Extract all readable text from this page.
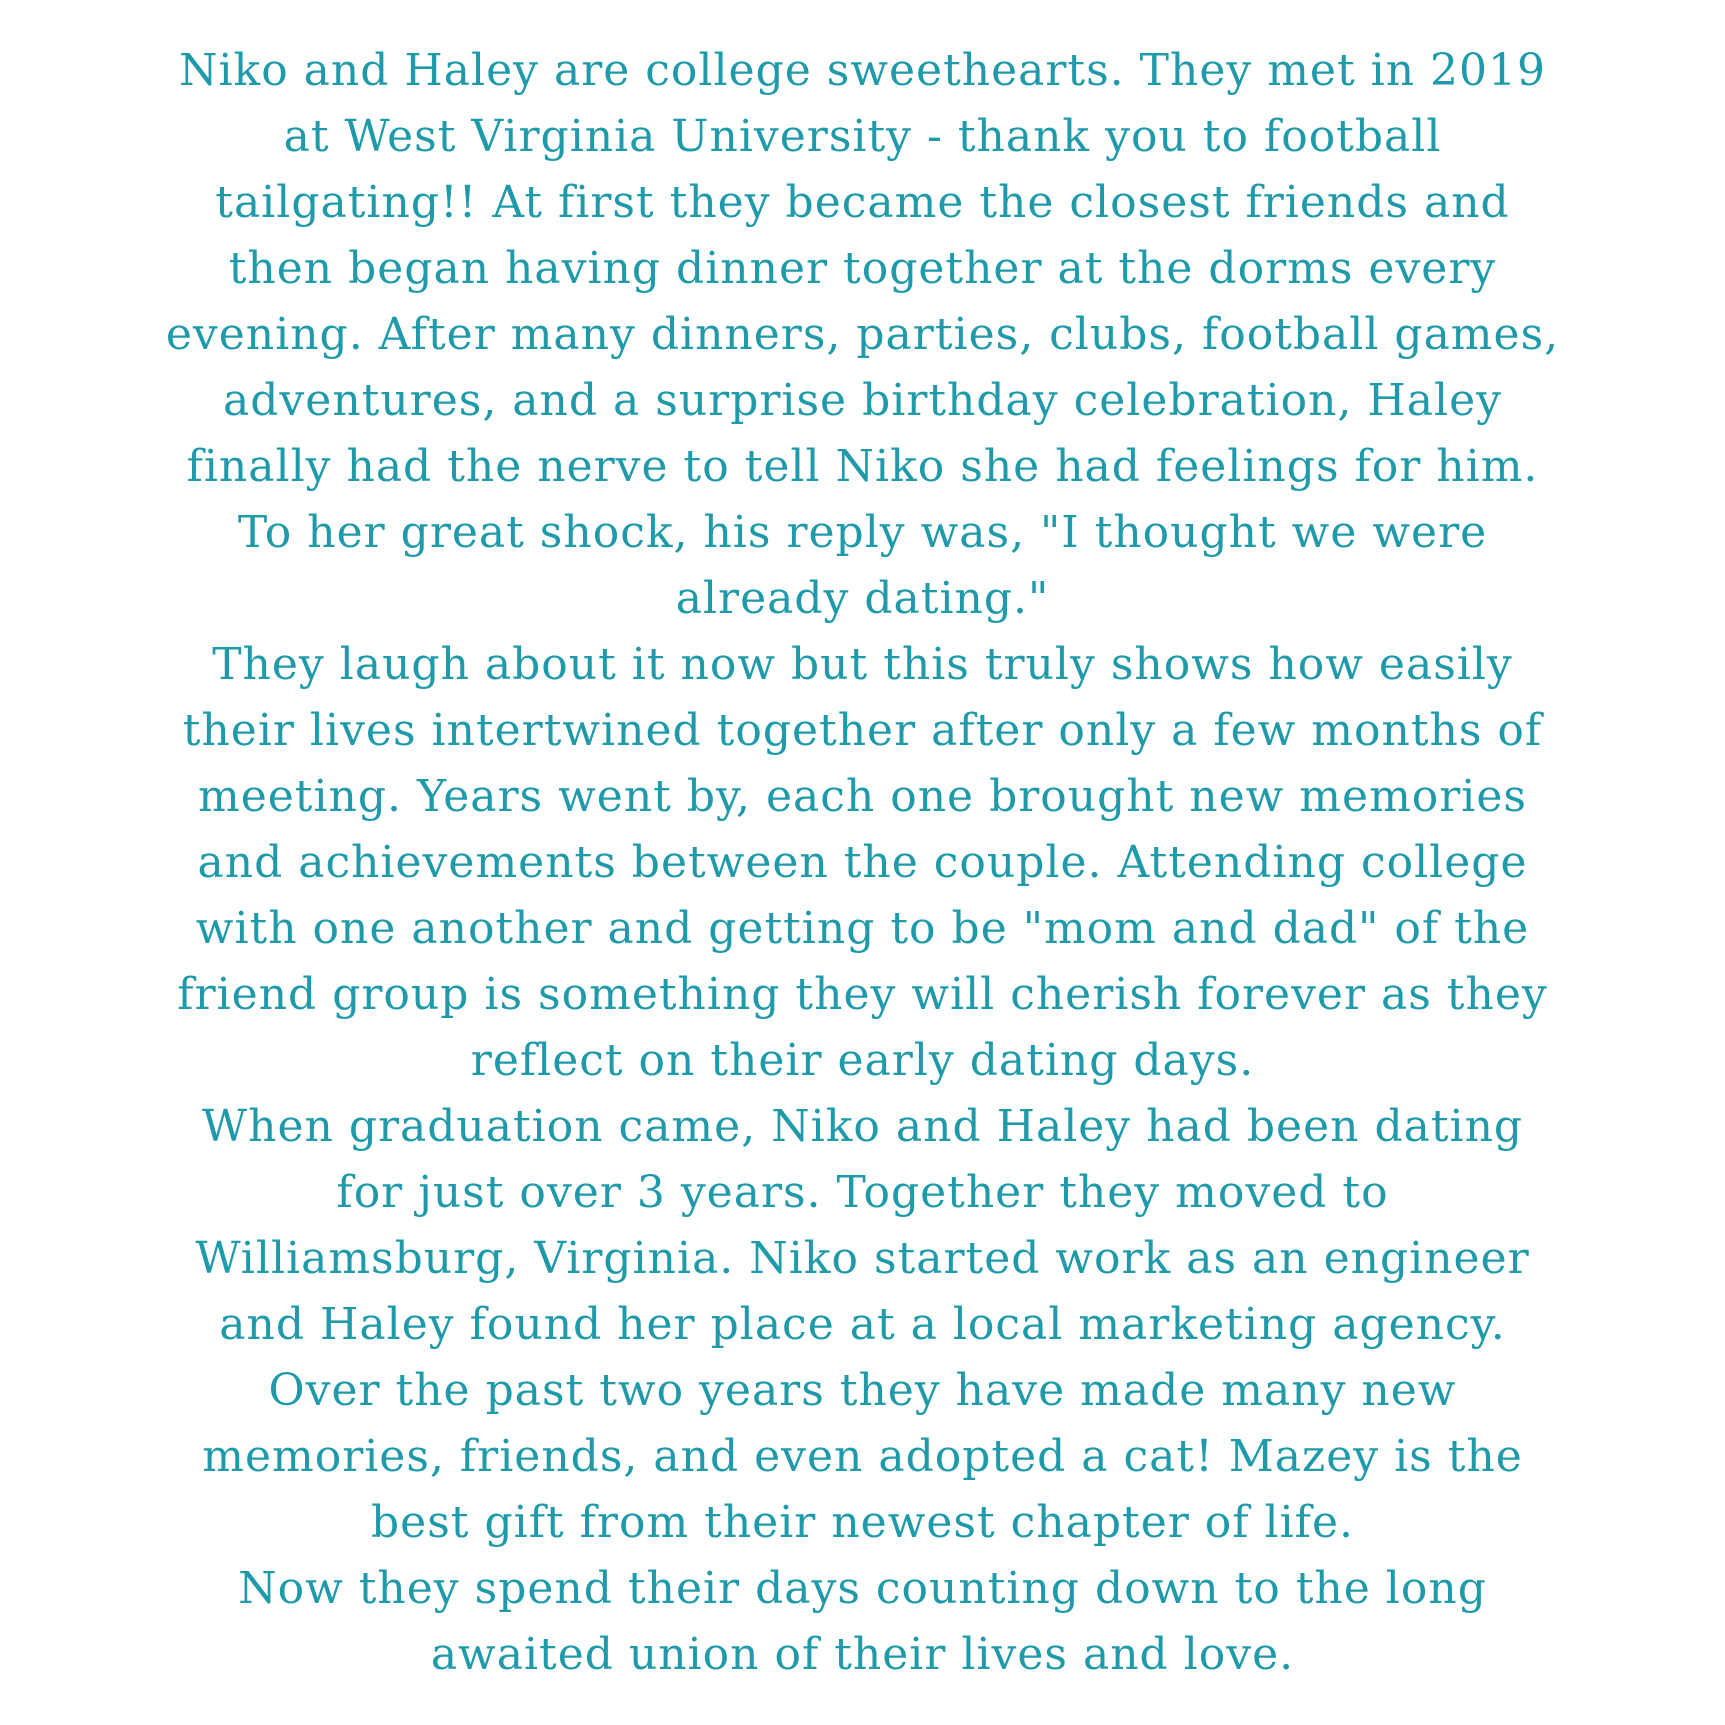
Niko and Haley are college sweethearts. They met in 2019
at West Virginia University - thank you to football
tailgating!! At first they became the closest friends and
then began having dinner together at the dorms every
evening. After many dinners, parties, clubs, football games,
adventures, and a surprise birthday celebration, Haley
finally had the nerve to tell Niko she had feelings for him.
To her great shock, his reply was, "I thought we were
already dating."
They laugh about it now but this truly shows how easily
their lives intertwined together after only a few months of
meeting. Years went by, each one brought new memories
and achievements between the couple. Attending college
with one another and getting to be "mom and dad" of the
friend group is something they will cherish forever as they
reflect on their early dating days.
When graduation came, Niko and Haley had been dating
for just over 3 years. Together they moved to
Williamsburg, Virginia. Niko started work as an engineer
and Haley found her place at a local marketing agency.
Over the past two years they have made many new
memories, friends, and even adopted a cat! Mazey is the
best gift from their newest chapter of life.
Now they spend their days counting down to the long
awaited union of their lives and love.
